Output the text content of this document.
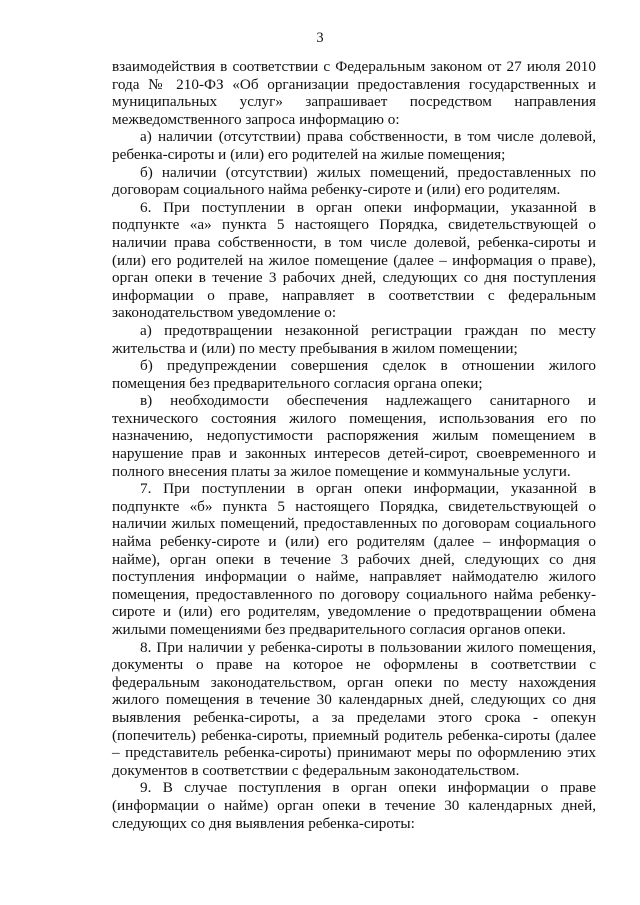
3

взаимодействия в соответствии с Федеральным законом от 27 июля 2010 года № 210-ФЗ «Об организации предоставления государственных и муниципальных услуг» запрашивает посредством направления межведомственного запроса информацию о:

а) наличии (отсутствии) права собственности, в том числе долевой, ребенка-сироты и (или) его родителей на жилые помещения;

б) наличии (отсутствии) жилых помещений, предоставленных по договорам социального найма ребенку-сироте и (или) его родителям.

6. При поступлении в орган опеки информации, указанной в подпункте «а» пункта 5 настоящего Порядка, свидетельствующей о наличии права собственности, в том числе долевой, ребенка-сироты и (или) его родителей на жилое помещение (далее – информация о праве), орган опеки в течение 3 рабочих дней, следующих со дня поступления информации о праве, направляет в соответствии с федеральным законодательством уведомление о:

а) предотвращении незаконной регистрации граждан по месту жительства и (или) по месту пребывания в жилом помещении;

б) предупреждении совершения сделок в отношении жилого помещения без предварительного согласия органа опеки;

в) необходимости обеспечения надлежащего санитарного и технического состояния жилого помещения, использования его по назначению, недопустимости распоряжения жилым помещением в нарушение прав и законных интересов детей-сирот, своевременного и полного внесения платы за жилое помещение и коммунальные услуги.

7. При поступлении в орган опеки информации, указанной в подпункте «б» пункта 5 настоящего Порядка, свидетельствующей о наличии жилых помещений, предоставленных по договорам социального найма ребенку-сироте и (или) его родителям (далее – информация о найме), орган опеки в течение 3 рабочих дней, следующих со дня поступления информации о найме, направляет наймодателю жилого помещения, предоставленного по договору социального найма ребенку-сироте и (или) его родителям, уведомление о предотвращении обмена жилыми помещениями без предварительного согласия органов опеки.

8. При наличии у ребенка-сироты в пользовании жилого помещения, документы о праве на которое не оформлены в соответствии с федеральным законодательством, орган опеки по месту нахождения жилого помещения в течение 30 календарных дней, следующих со дня выявления ребенка-сироты, а за пределами этого срока - опекун (попечитель) ребенка-сироты, приемный родитель ребенка-сироты (далее – представитель ребенка-сироты) принимают меры по оформлению этих документов в соответствии с федеральным законодательством.

9. В случае поступления в орган опеки информации о праве (информации о найме) орган опеки в течение 30 календарных дней, следующих со дня выявления ребенка-сироты:
